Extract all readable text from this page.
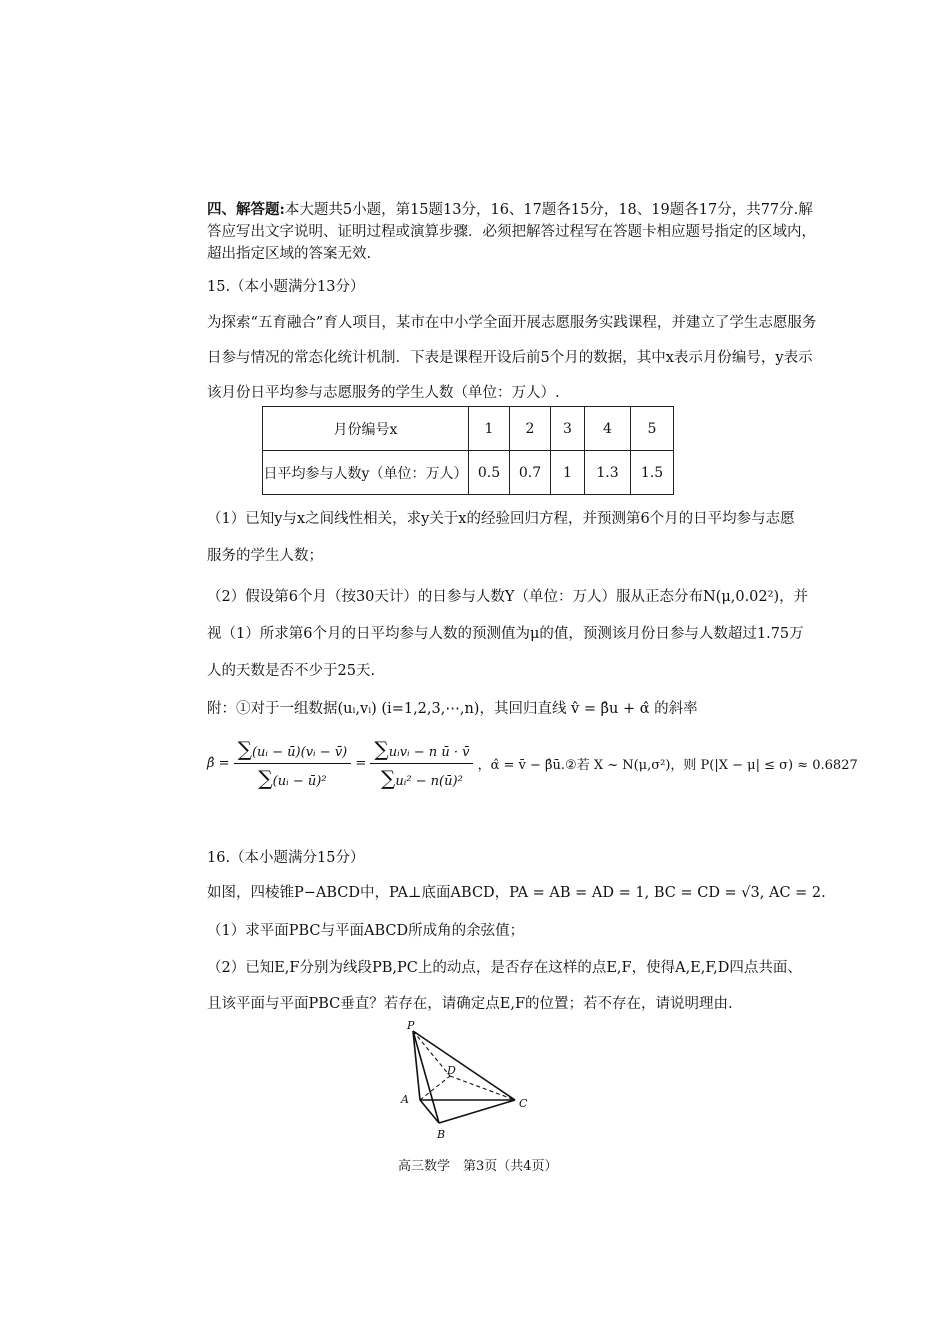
四、解答题:本大题共5小题，第15题13分，16、17题各15分，18、19题各17分，共77分.解
答应写出文字说明、证明过程或演算步骤．必须把解答过程写在答题卡相应题号指定的区域内，
超出指定区域的答案无效.
15.（本小题满分13分）
为探索“五育融合”育人项目，某市在中小学全面开展志愿服务实践课程，并建立了学生志愿服务
日参与情况的常态化统计机制．下表是课程开设后前5个月的数据，其中x表示月份编号，y表示
该月份日平均参与志愿服务的学生人数（单位：万人）.
月份编号x	1	2	3	4	5
日平均参与人数y（单位：万人）	0.5	0.7	1	1.3	1.5
（1）已知y与x之间线性相关，求y关于x的经验回归方程，并预测第6个月的日平均参与志愿
服务的学生人数；
（2）假设第6个月（按30天计）的日参与人数Y（单位：万人）服从正态分布N(μ,0.02²)，并
视（1）所求第6个月的日平均参与人数的预测值为μ的值，预测该月份日参与人数超过1.75万
人的天数是否不少于25天.
附：①对于一组数据(uᵢ,vᵢ) (i=1,2,3,⋯,n)，其回归直线 v̂ = β̂u + α̂ 的斜率
β̂ = $\frac{\text{∑(uᵢ − ū)(vᵢ − v̄)}}{\text{∑(uᵢ − ū)²}} = \frac{\text{∑uᵢvᵢ − n ū · v̄}}{\text{∑uᵢ² − n(ū)²}}$ ，α̂ = v̄ − β̂ū.②若 X ~ N(μ,σ²)，则 P(|X − μ| ≤ σ) ≈ 0.6827
16.（本小题满分15分）
如图，四棱锥P−ABCD中，PA⊥底面ABCD，PA = AB = AD = 1, BC = CD = √3, AC = 2.
（1）求平面PBC与平面ABCD所成角的余弦值；
（2）已知E,F分别为线段PB,PC上的动点，是否存在这样的点E,F，使得A,E,F,D四点共面、
且该平面与平面PBC垂直？若存在，请确定点E,F的位置；若不存在，请说明理由.
P
A
B
C
D
高三数学　第3页（共4页）
